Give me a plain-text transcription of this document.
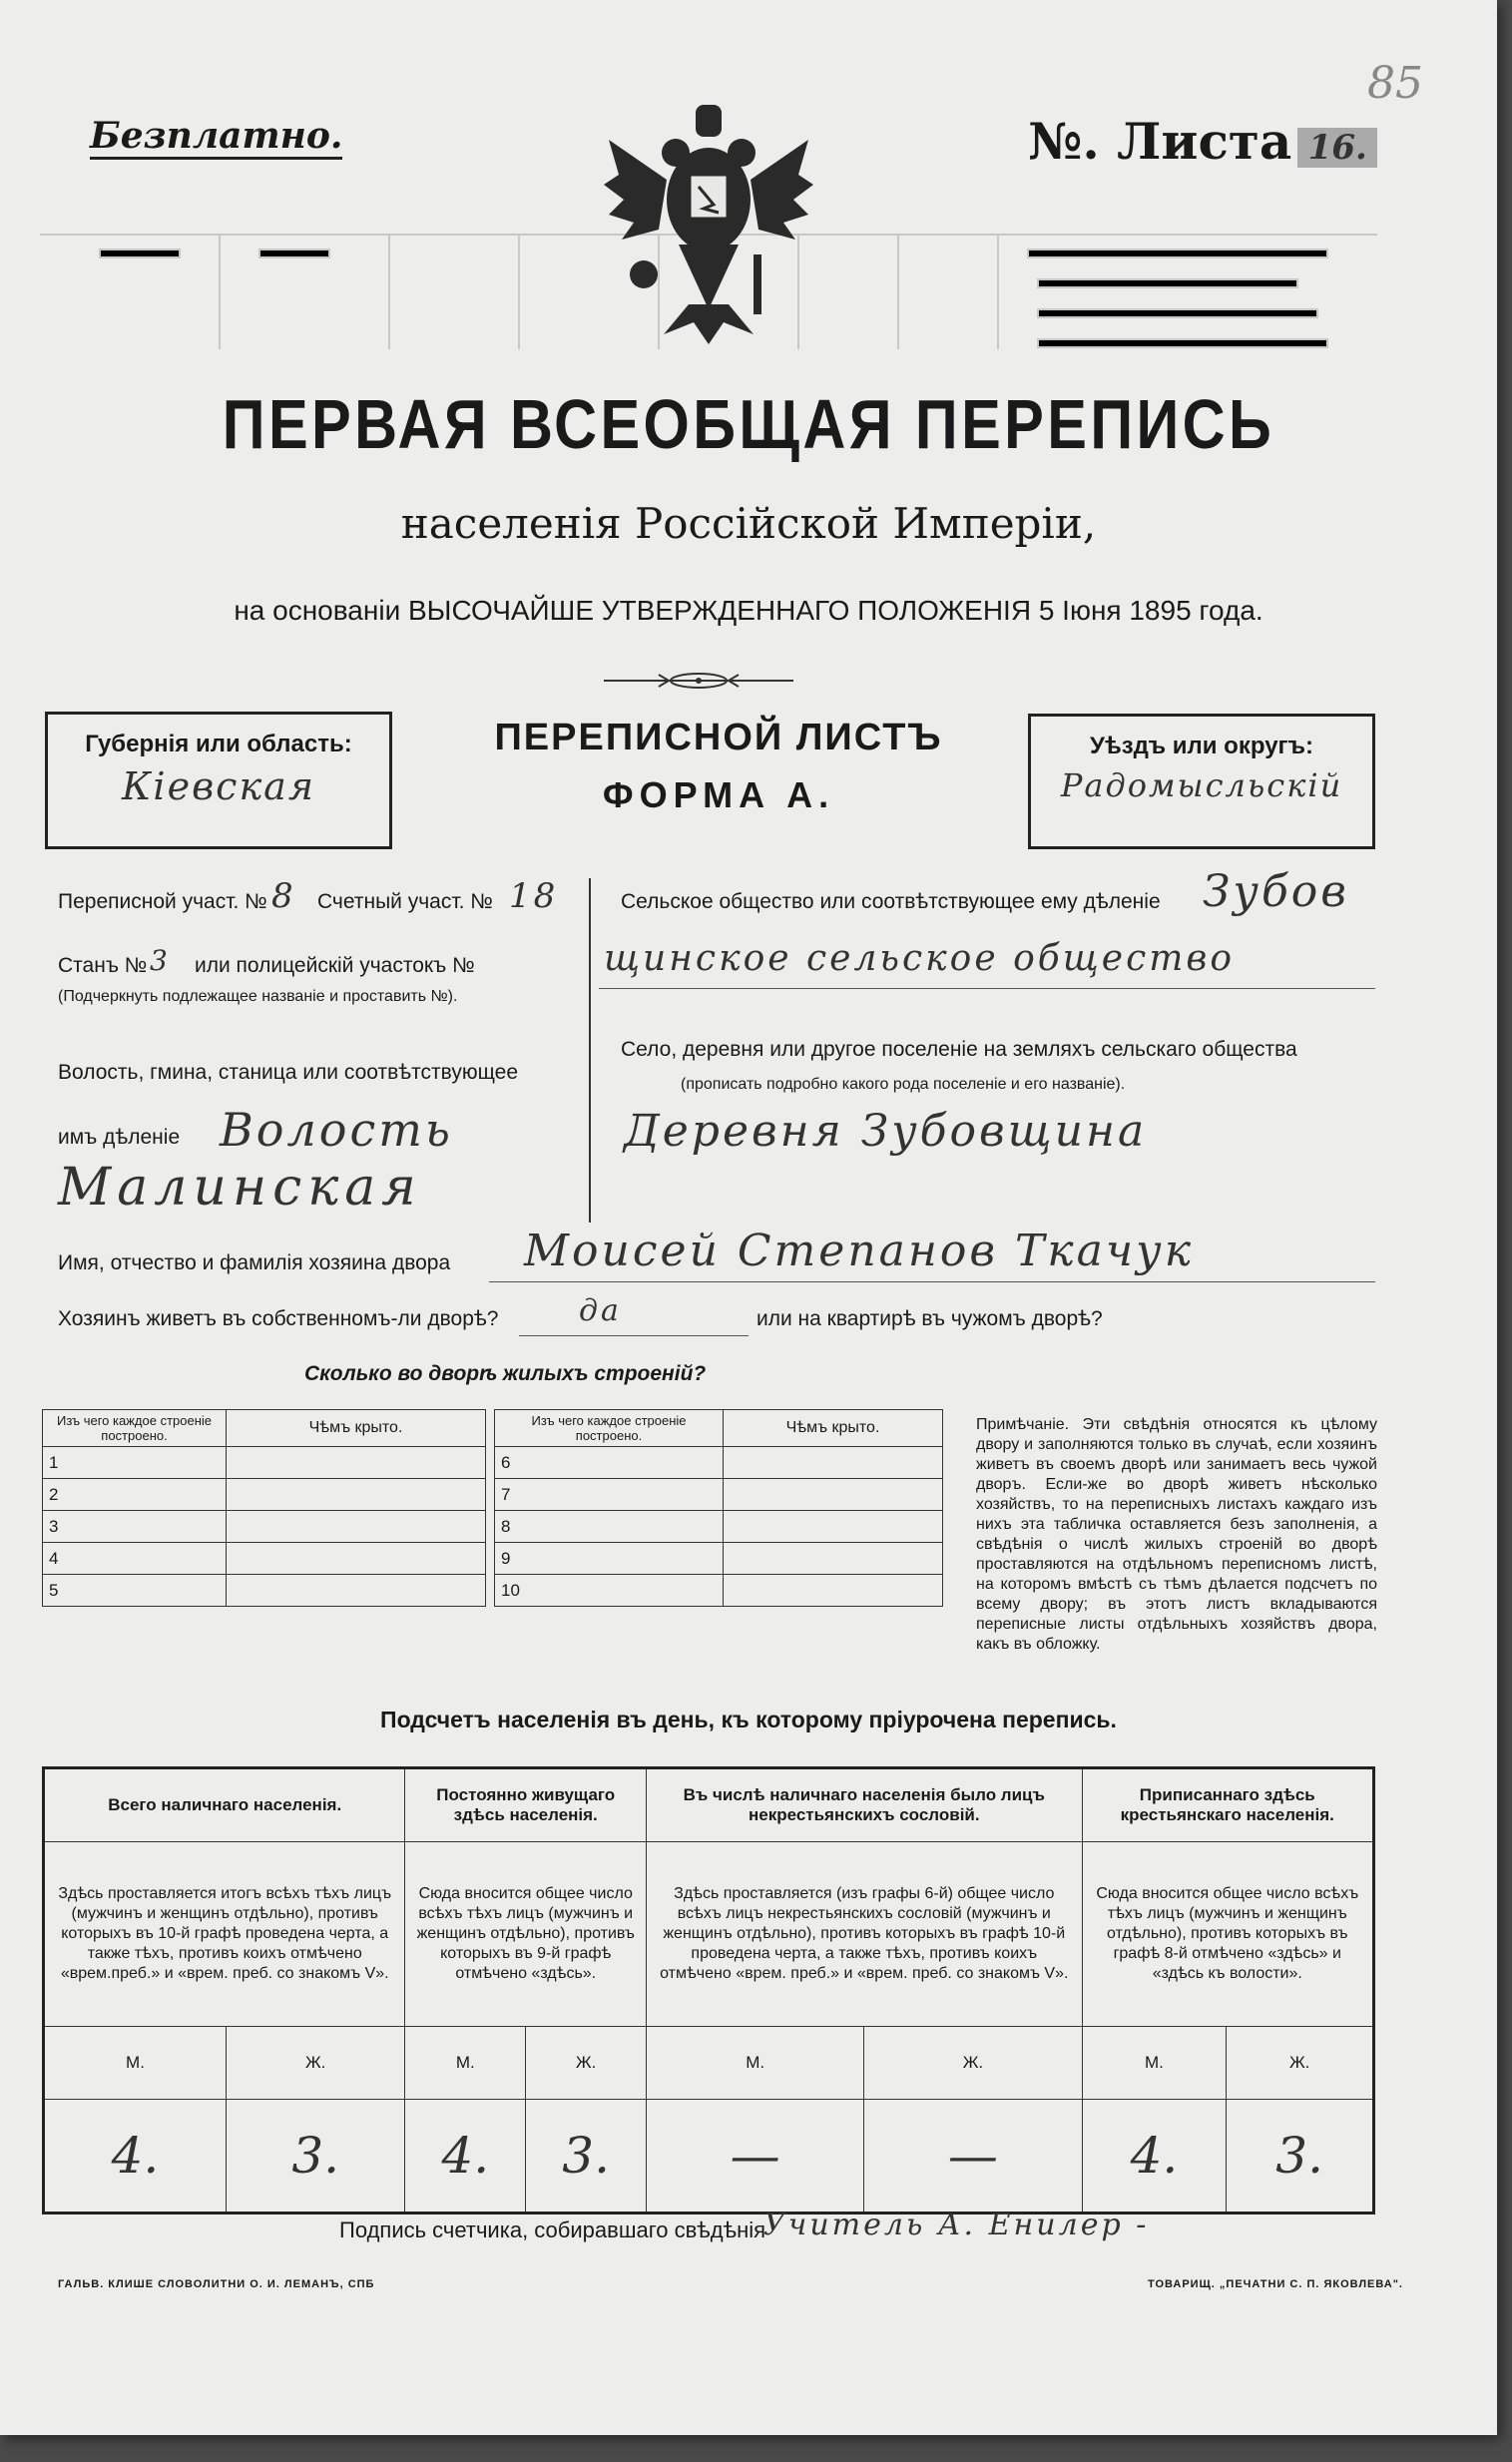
Безплатно.	№. Листа 16.
85
ПЕРВАЯ ВСЕОБЩАЯ ПЕРЕПИСЬ
населенія Россійской Имперіи,
на основаніи ВЫСОЧАЙШЕ УТВЕРЖДЕННАГО ПОЛОЖЕНІЯ 5 Іюня 1895 года.
Губернія или область:
Кіевская
ПЕРЕПИСНОЙ ЛИСТЪ
ФОРМА А.
Уѣздъ или округъ:
Радомысльскій
Переписной участ. № 8 Счетный участ. № 18
Станъ № 3 или полицейскій участокъ №
(Подчеркнуть подлежащее названіе и проставить №).
Волость, гмина, станица или соотвѣтствующее
имъ дѣленіе Волость
Малинская
Сельское общество или соотвѣтствующее ему дѣленіе Зубов
щинское сельское общество
Село, деревня или другое поселеніе на земляхъ сельскаго общества
(прописать подробно какого рода поселеніе и его названіе).
Деревня Зубовщина
Имя, отчество и фамилія хозяина двора Моисей Степанов Ткачук
Хозяинъ живетъ въ собственномъ-ли дворѣ?	да	или на квартирѣ въ чужомъ дворѣ?
Сколько во дворѣ жилыхъ строеній?
Изъ чего каждое строеніе построено.	Чѣмъ крыто.
1	
2	
3	
4	
5	
Изъ чего каждое строеніе построено.	Чѣмъ крыто.
6	
7	
8	
9	
10	
Примѣчаніе. Эти свѣдѣнія относятся къ цѣлому двору и заполняются только въ случаѣ, если хозяинъ живетъ въ своемъ дворѣ или занимаетъ весь чужой дворъ. Если-же во дворѣ живетъ нѣсколько хозяйствъ, то на переписныхъ листахъ каждаго изъ нихъ эта табличка оставляется безъ заполненія, а свѣдѣнія о числѣ жилыхъ строеній во дворѣ проставляются на отдѣльномъ переписномъ листѣ, на которомъ вмѣстѣ съ тѣмъ дѣлается подсчетъ по всему двору; въ этотъ листъ вкладываются переписные листы отдѣльныхъ хозяйствъ двора, какъ въ обложку.
Подсчетъ населенія въ день, къ которому пріурочена перепись.
Всего наличнаго населенія.		Постоянно живущаго здѣсь населенія.		Въ числѣ наличнаго населенія было лицъ некрестьянскихъ сословій.		Приписаннаго здѣсь крестьянскаго населенія.	
Здѣсь проставляется итогъ всѣхъ тѣхъ лицъ (мужчинъ и женщинъ отдѣльно), противъ которыхъ въ 10-й графѣ проведена черта, а также тѣхъ, противъ коихъ отмѣчено «врем.преб.» и «врем. преб. со знакомъ V».		Сюда вносится общее число всѣхъ тѣхъ лицъ (мужчинъ и женщинъ отдѣльно), противъ которыхъ въ 9-й графѣ отмѣчено «здѣсь».		Здѣсь проставляется (изъ графы 6-й) общее число всѣхъ лицъ некрестьянскихъ сословій (мужчинъ и женщинъ отдѣльно), противъ которыхъ въ графѣ 10-й проведена черта, а также тѣхъ, противъ коихъ отмѣчено «врем. преб.» и «врем. преб. со знакомъ V».		Сюда вносится общее число всѣхъ тѣхъ лицъ (мужчинъ и женщинъ отдѣльно), противъ которыхъ въ графѣ 8-й отмѣчено «здѣсь» и «здѣсь къ волости».	
М.	Ж.	М.	Ж.	М.	Ж.	М.	Ж.
4.	3.	4.	3.	—	—	4.	3.
Подпись счетчика, собиравшаго свѣдѣнія
Учитель А. Енилер -
ГАЛЬВ. КЛИШЕ СЛОВОЛИТНИ О. И. ЛЕМАНЪ, СПБ	ТОВАРИЩ. „ПЕЧАТНИ С. П. ЯКОВЛЕВА".
